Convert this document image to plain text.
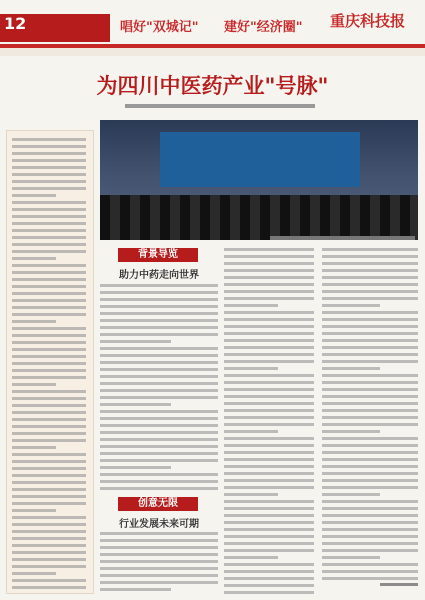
12	唱好"双城记" 建好"经济圈" 重庆科技报
为四川中医药产业"号脉"
背景导览
助力中药走向世界
创意无限
行业发展未来可期
